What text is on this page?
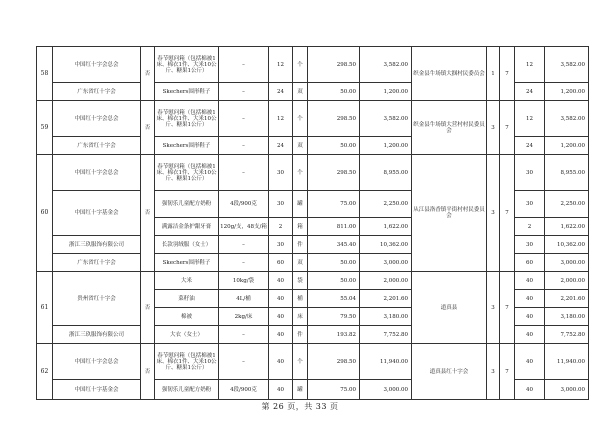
58	中国红十字会总会	否	春节慰问箱（包括棉被1床、棉衣1件、大米10公斤、糖果1公斤）	–	12	个	298.50	3,582.00	织金县牛场镇大掴村民委员会	1	7	12	3,582.00
	广东省红十字会		Skechers围形鞋子	–	24	双	50.00	1,200.00				24	1,200.00
59	中国红十字会总会	否	春节慰问箱（包括棉被1床、棉衣1件、大米10公斤、糖果1公斤）	–	12	个	298.50	3,582.00	织金县牛场镇大营村村民委员会	3	7	12	3,582.00
	广东省红十字会		Skechers围形鞋子	–	24	双	50.00	1,200.00				24	1,200.00
60	中国红十字会总会	否	春节慰问箱（包括棉被1床、棉衣1件、大米10公斤、糖果1公斤）	–	30	个	298.50	8,955.00	从江县洛香镇平街村村民委员会	3	7	30	8,955.00
	中国红十字基金会		强韧乐儿童配方奶粉	4段/900克	30	罐	75.00	2,250.00				30	2,250.00
			满露洁金条护龈牙膏	120g/支，48支/箱	2	箱	811.00	1,622.00				2	1,622.00
	浙江三玖服饰有限公司		长款羽绒服（女士）	–	30	件	345.40	10,362.00				30	10,362.00
	广东省红十字会		Skechers围形鞋子	–	60	双	50.00	3,000.00				60	3,000.00
61	贵州省红十字会	否	大米	10kg/袋	40	袋	50.00	2,000.00	道真县	3	7	40	2,000.00
			菜籽油	4L/桶	40	桶	55.04	2,201.60				40	2,201.60
			棉被	2kg/床	40	床	79.50	3,180.00				40	3,180.00
	浙江三玖服饰有限公司		大衣（女士）	–	40	件	193.82	7,752.80				40	7,752.80
62	中国红十字会总会	否	春节慰问箱（包括棉被1床、棉衣1件、大米10公斤、糖果1公斤）	–	40	个	298.50	11,940.00	道真县红十字会	3	7	40	11,940.00
	中国红十字基金会		强韧乐儿童配方奶粉	4段/900克	40	罐	75.00	3,000.00				40	3,000.00
第 26 页，共 33 页
